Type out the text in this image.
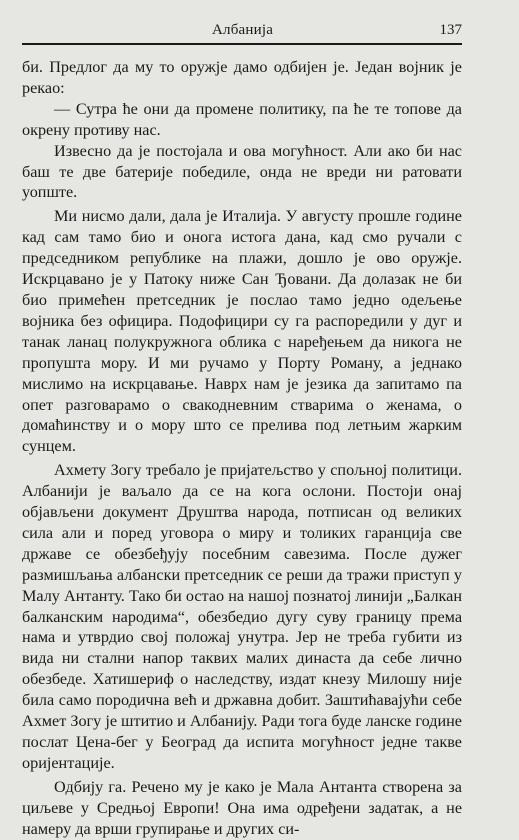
Албанија	137

би. Предлог да му то оружје дамо одбијен је. Један војник је рекао:

— Сутра ће они да промене политику, па ће те топове да окрену противу нас.

Извесно да је постојала и ова могућност. Али ако би нас баш те две батерије победиле, онда не вреди ни ратовати уопште.

Ми нисмо дали, дала је Италија. У августу прошле године кад сам тамо био и онога истога дана, кад смо ручали с председником републике на плажи, дошло је ово оружје. Искрцавано је у Патоку ниже Сан Ђовани. Да долазак не би био примећен претседник је послао тамо једно одељење војника без официра. Подофицири су га распоредили у дуг и танак ланац полукружнога облика с наређењем да никога не пропушта мору. И ми ручамо у Порту Роману, а једнако мислимо на искрцавање. Наврх нам је језика да запитамо па опет разговарамо о свакодневним стварима о женама, о домаћинству и о мору што се прелива под летњим жарким сунцем.

Ахмету Зогу требало је пријатељство у спољној политици. Албанији је ваљало да се на кога ослони. Постоји онај објављени документ Друштва народа, потписан од великих сила али и поред уговора о миру и толиких гаранција све државе се обезбеђују посебним савезима. После дужег размишљања албански претседник се реши да тражи приступ у Малу Антанту. Тако би остао на нашој познатој линији „Балкан балканским народима“, обезбедио дугу суву границу према нама и утврдио свој положај унутра. Јер не треба губити из вида ни стални напор таквих малих династа да себе лично обезбеде. Хатишериф о наследству, издат кнезу Милошу није била само породична већ и државна добит. Заштићавајући себе Ахмет Зогу је штитио и Албанију. Ради тога буде ланске године послат Цена-бег у Београд да испита могућност једне такве оријентације.

Одбију га. Речено му је како је Мала Антанта створена за циљеве у Средњој Европи! Она има одређени задатак, а не намеру да врши групирање и других си-
